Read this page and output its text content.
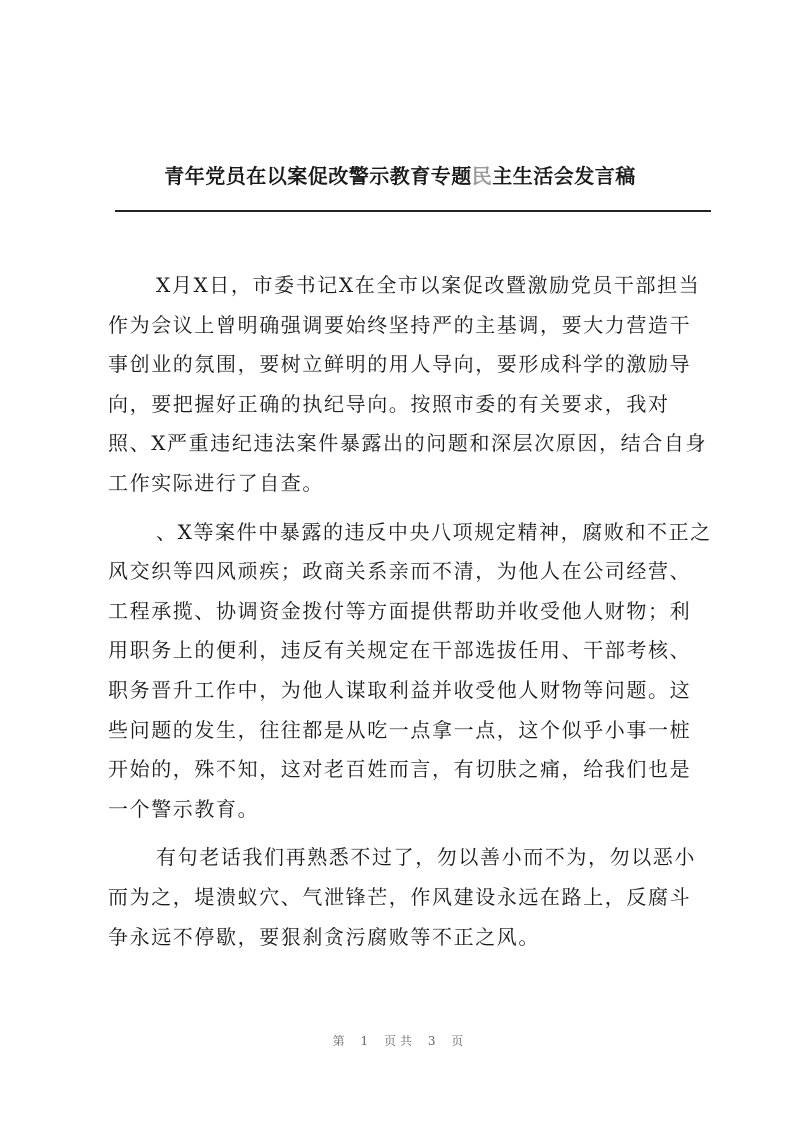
青年党员在以案促改警示教育专题民主生活会发言稿

X月X日，市委书记X在全市以案促改暨激励党员干部担当作为会议上曾明确强调要始终坚持严的主基调，要大力营造干事创业的氛围，要树立鲜明的用人导向，要形成科学的激励导向，要把握好正确的执纪导向。按照市委的有关要求，我对照、X严重违纪违法案件暴露出的问题和深层次原因，结合自身工作实际进行了自查。

、X等案件中暴露的违反中央八项规定精神，腐败和不正之风交织等四风顽疾；政商关系亲而不清，为他人在公司经营、工程承揽、协调资金拨付等方面提供帮助并收受他人财物；利用职务上的便利，违反有关规定在干部选拔任用、干部考核、职务晋升工作中，为他人谋取利益并收受他人财物等问题。这些问题的发生，往往都是从吃一点拿一点，这个似乎小事一桩开始的，殊不知，这对老百姓而言，有切肤之痛，给我们也是一个警示教育。

有句老话我们再熟悉不过了，勿以善小而不为，勿以恶小而为之，堤溃蚁穴、气泄锋芒，作风建设永远在路上，反腐斗争永远不停歇，要狠刹贪污腐败等不正之风。

第 1 页共 3 页
